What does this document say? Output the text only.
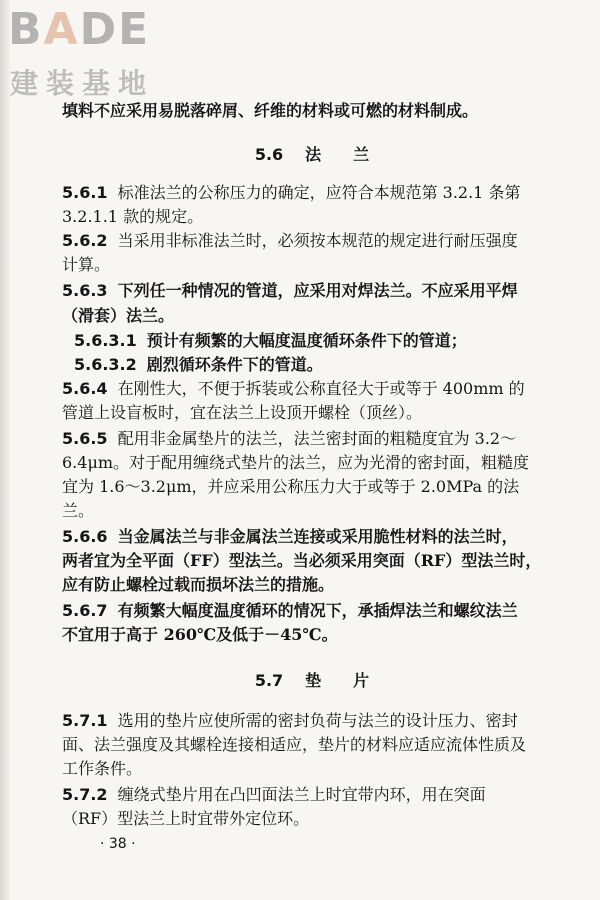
BADE
建装基地
填料不应采用易脱落碎屑、纤维的材料或可燃的材料制成。
5.6 法　　兰
5.6.1 标准法兰的公称压力的确定，应符合本规范第 3.2.1 条第
3.2.1.1 款的规定。
5.6.2 当采用非标准法兰时，必须按本规范的规定进行耐压强度
计算。
5.6.3 下列任一种情况的管道，应采用对焊法兰。不应采用平焊
（滑套）法兰。
5.6.3.1 预计有频繁的大幅度温度循环条件下的管道；
5.6.3.2 剧烈循环条件下的管道。
5.6.4 在刚性大，不便于拆装或公称直径大于或等于 400mm 的
管道上设盲板时，宜在法兰上设顶开螺栓（顶丝）。
5.6.5 配用非金属垫片的法兰，法兰密封面的粗糙度宜为 3.2～
6.4μm。对于配用缠绕式垫片的法兰，应为光滑的密封面，粗糙度
宜为 1.6～3.2μm，并应采用公称压力大于或等于 2.0MPa 的法
兰。
5.6.6 当金属法兰与非金属法兰连接或采用脆性材料的法兰时，
两者宜为全平面（FF）型法兰。当必须采用突面（RF）型法兰时，
应有防止螺栓过载而损坏法兰的措施。
5.6.7 有频繁大幅度温度循环的情况下，承插焊法兰和螺纹法兰
不宜用于高于 260℃及低于－45℃。
5.7 垫　　片
5.7.1 选用的垫片应使所需的密封负荷与法兰的设计压力、密封
面、法兰强度及其螺栓连接相适应，垫片的材料应适应流体性质及
工作条件。
5.7.2 缠绕式垫片用在凸凹面法兰上时宜带内环，用在突面
（RF）型法兰上时宜带外定位环。
· 38 ·
